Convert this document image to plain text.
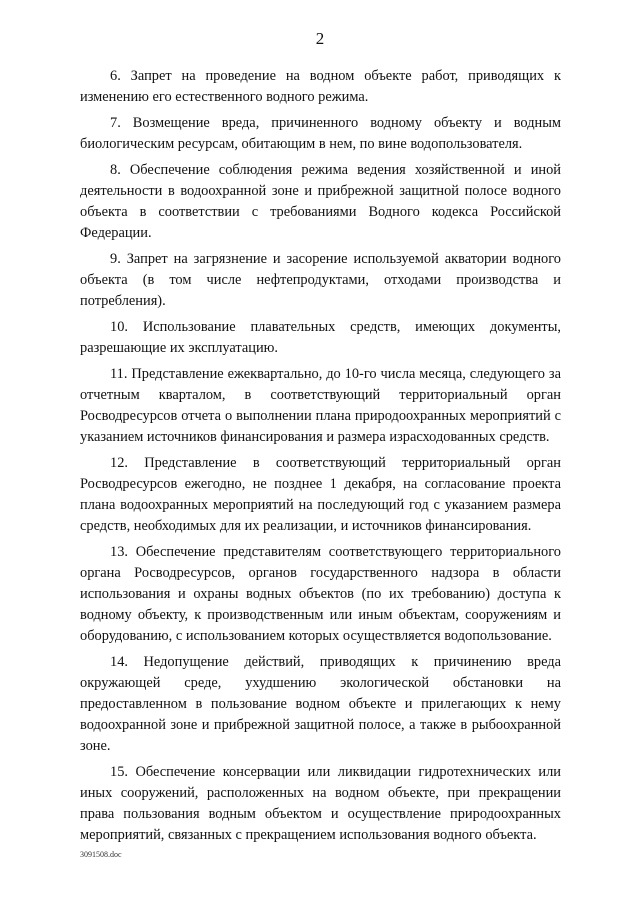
2

6. Запрет на проведение на водном объекте работ, приводящих к изменению его естественного водного режима.

7. Возмещение вреда, причиненного водному объекту и водным биологическим ресурсам, обитающим в нем, по вине водопользователя.

8. Обеспечение соблюдения режима ведения хозяйственной и иной деятельности в водоохранной зоне и прибрежной защитной полосе водного объекта в соответствии с требованиями Водного кодекса Российской Федерации.

9. Запрет на загрязнение и засорение используемой акватории водного объекта (в том числе нефтепродуктами, отходами производства и потребления).

10. Использование плавательных средств, имеющих документы, разрешающие их эксплуатацию.

11. Представление ежеквартально, до 10-го числа месяца, следующего за отчетным кварталом, в соответствующий территориальный орган Росводресурсов отчета о выполнении плана природоохранных мероприятий с указанием источников финансирования и размера израсходованных средств.

12. Представление в соответствующий территориальный орган Росводресурсов ежегодно, не позднее 1 декабря, на согласование проекта плана водоохранных мероприятий на последующий год с указанием размера средств, необходимых для их реализации, и источников финансирования.

13. Обеспечение представителям соответствующего территориального органа Росводресурсов, органов государственного надзора в области использования и охраны водных объектов (по их требованию) доступа к водному объекту, к производственным или иным объектам, сооружениям и оборудованию, с использованием которых осуществляется водопользование.

14. Недопущение действий, приводящих к причинению вреда окружающей среде, ухудшению экологической обстановки на предоставленном в пользование водном объекте и прилегающих к нему водоохранной зоне и прибрежной защитной полосе, а также в рыбоохранной зоне.

15. Обеспечение консервации или ликвидации гидротехнических или иных сооружений, расположенных на водном объекте, при прекращении права пользования водным объектом и осуществление природоохранных мероприятий, связанных с прекращением использования водного объекта.

3091508.doc
